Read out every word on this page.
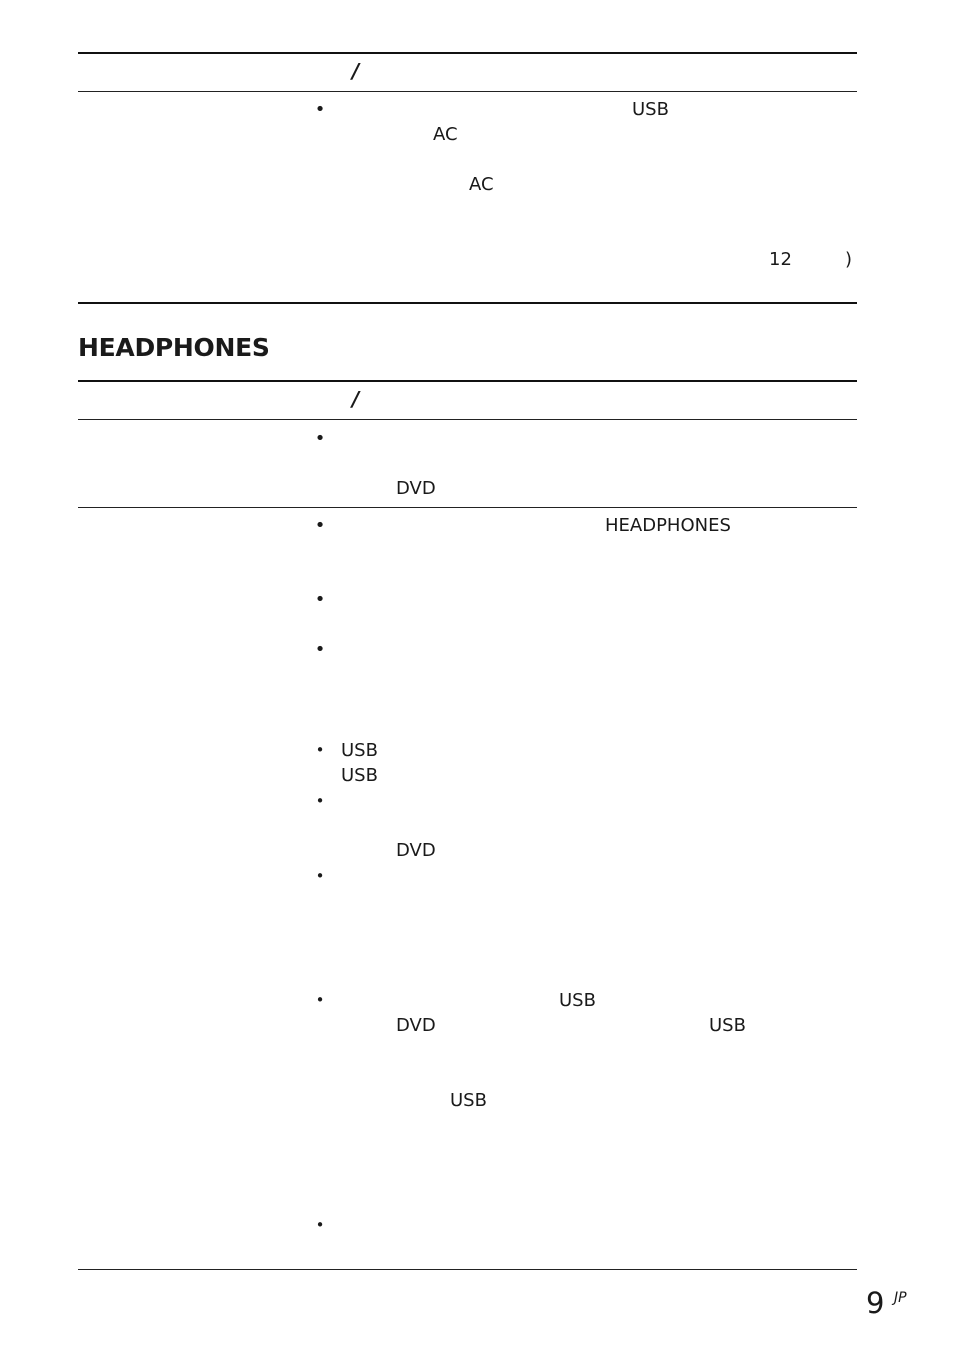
/
•	USB
AC
AC
12	)
HEADPHONES
/
•
DVD
•	HEADPHONES
•
•
• USB
USB
•
DVD
•
•	USB
DVD	USB
USB
•
9 JP
